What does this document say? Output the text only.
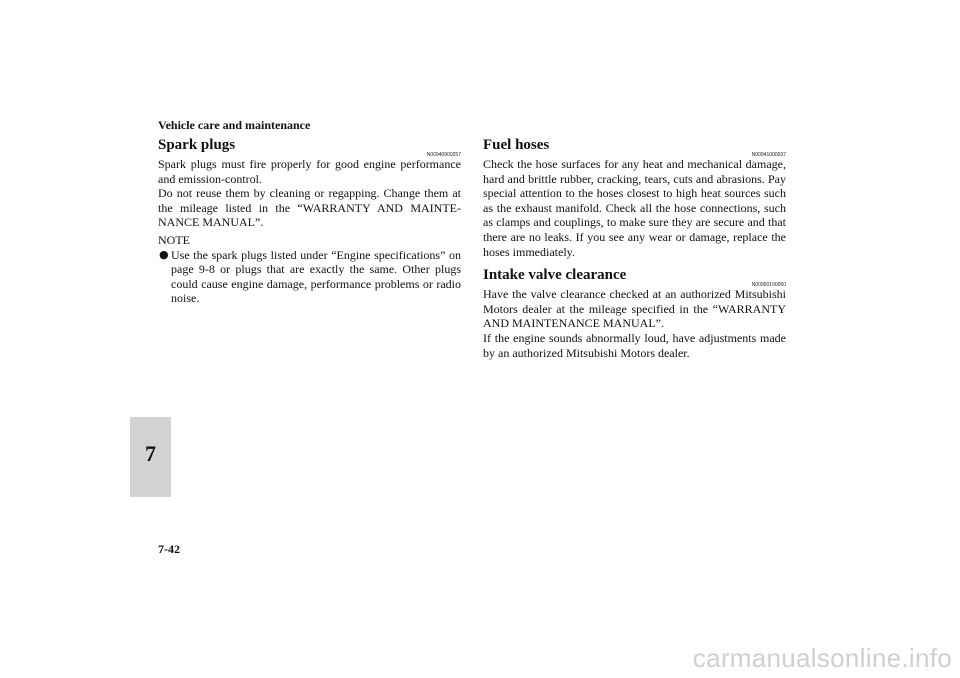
Vehicle care and maintenance
Spark plugs
N00940900257

Spark plugs must fire properly for good engine performance and emission-control.

Do not reuse them by cleaning or regapping. Change them at the mileage listed in the “WARRANTY AND MAINTE-NANCE MANUAL”.

NOTE
● Use the spark plugs listed under “Engine specifications” on page 9-8 or plugs that are exactly the same. Other plugs could cause engine damage, performance problems or radio noise.

Fuel hoses
N00941000037

Check the hose surfaces for any heat and mechanical damage, hard and brittle rubber, cracking, tears, cuts and abrasions. Pay special attention to the hoses closest to high heat sources such as the exhaust manifold. Check all the hose connections, such as clamps and couplings, to make sure they are secure and that there are no leaks. If you see any wear or damage, replace the hoses immediately.

Intake valve clearance
N00950100050

Have the valve clearance checked at an authorized Mitsubishi Motors dealer at the mileage specified in the “WARRANTY AND MAINTENANCE MANUAL”.

If the engine sounds abnormally loud, have adjustments made by an authorized Mitsubishi Motors dealer.

7
7-42
carmanualsonline.info
